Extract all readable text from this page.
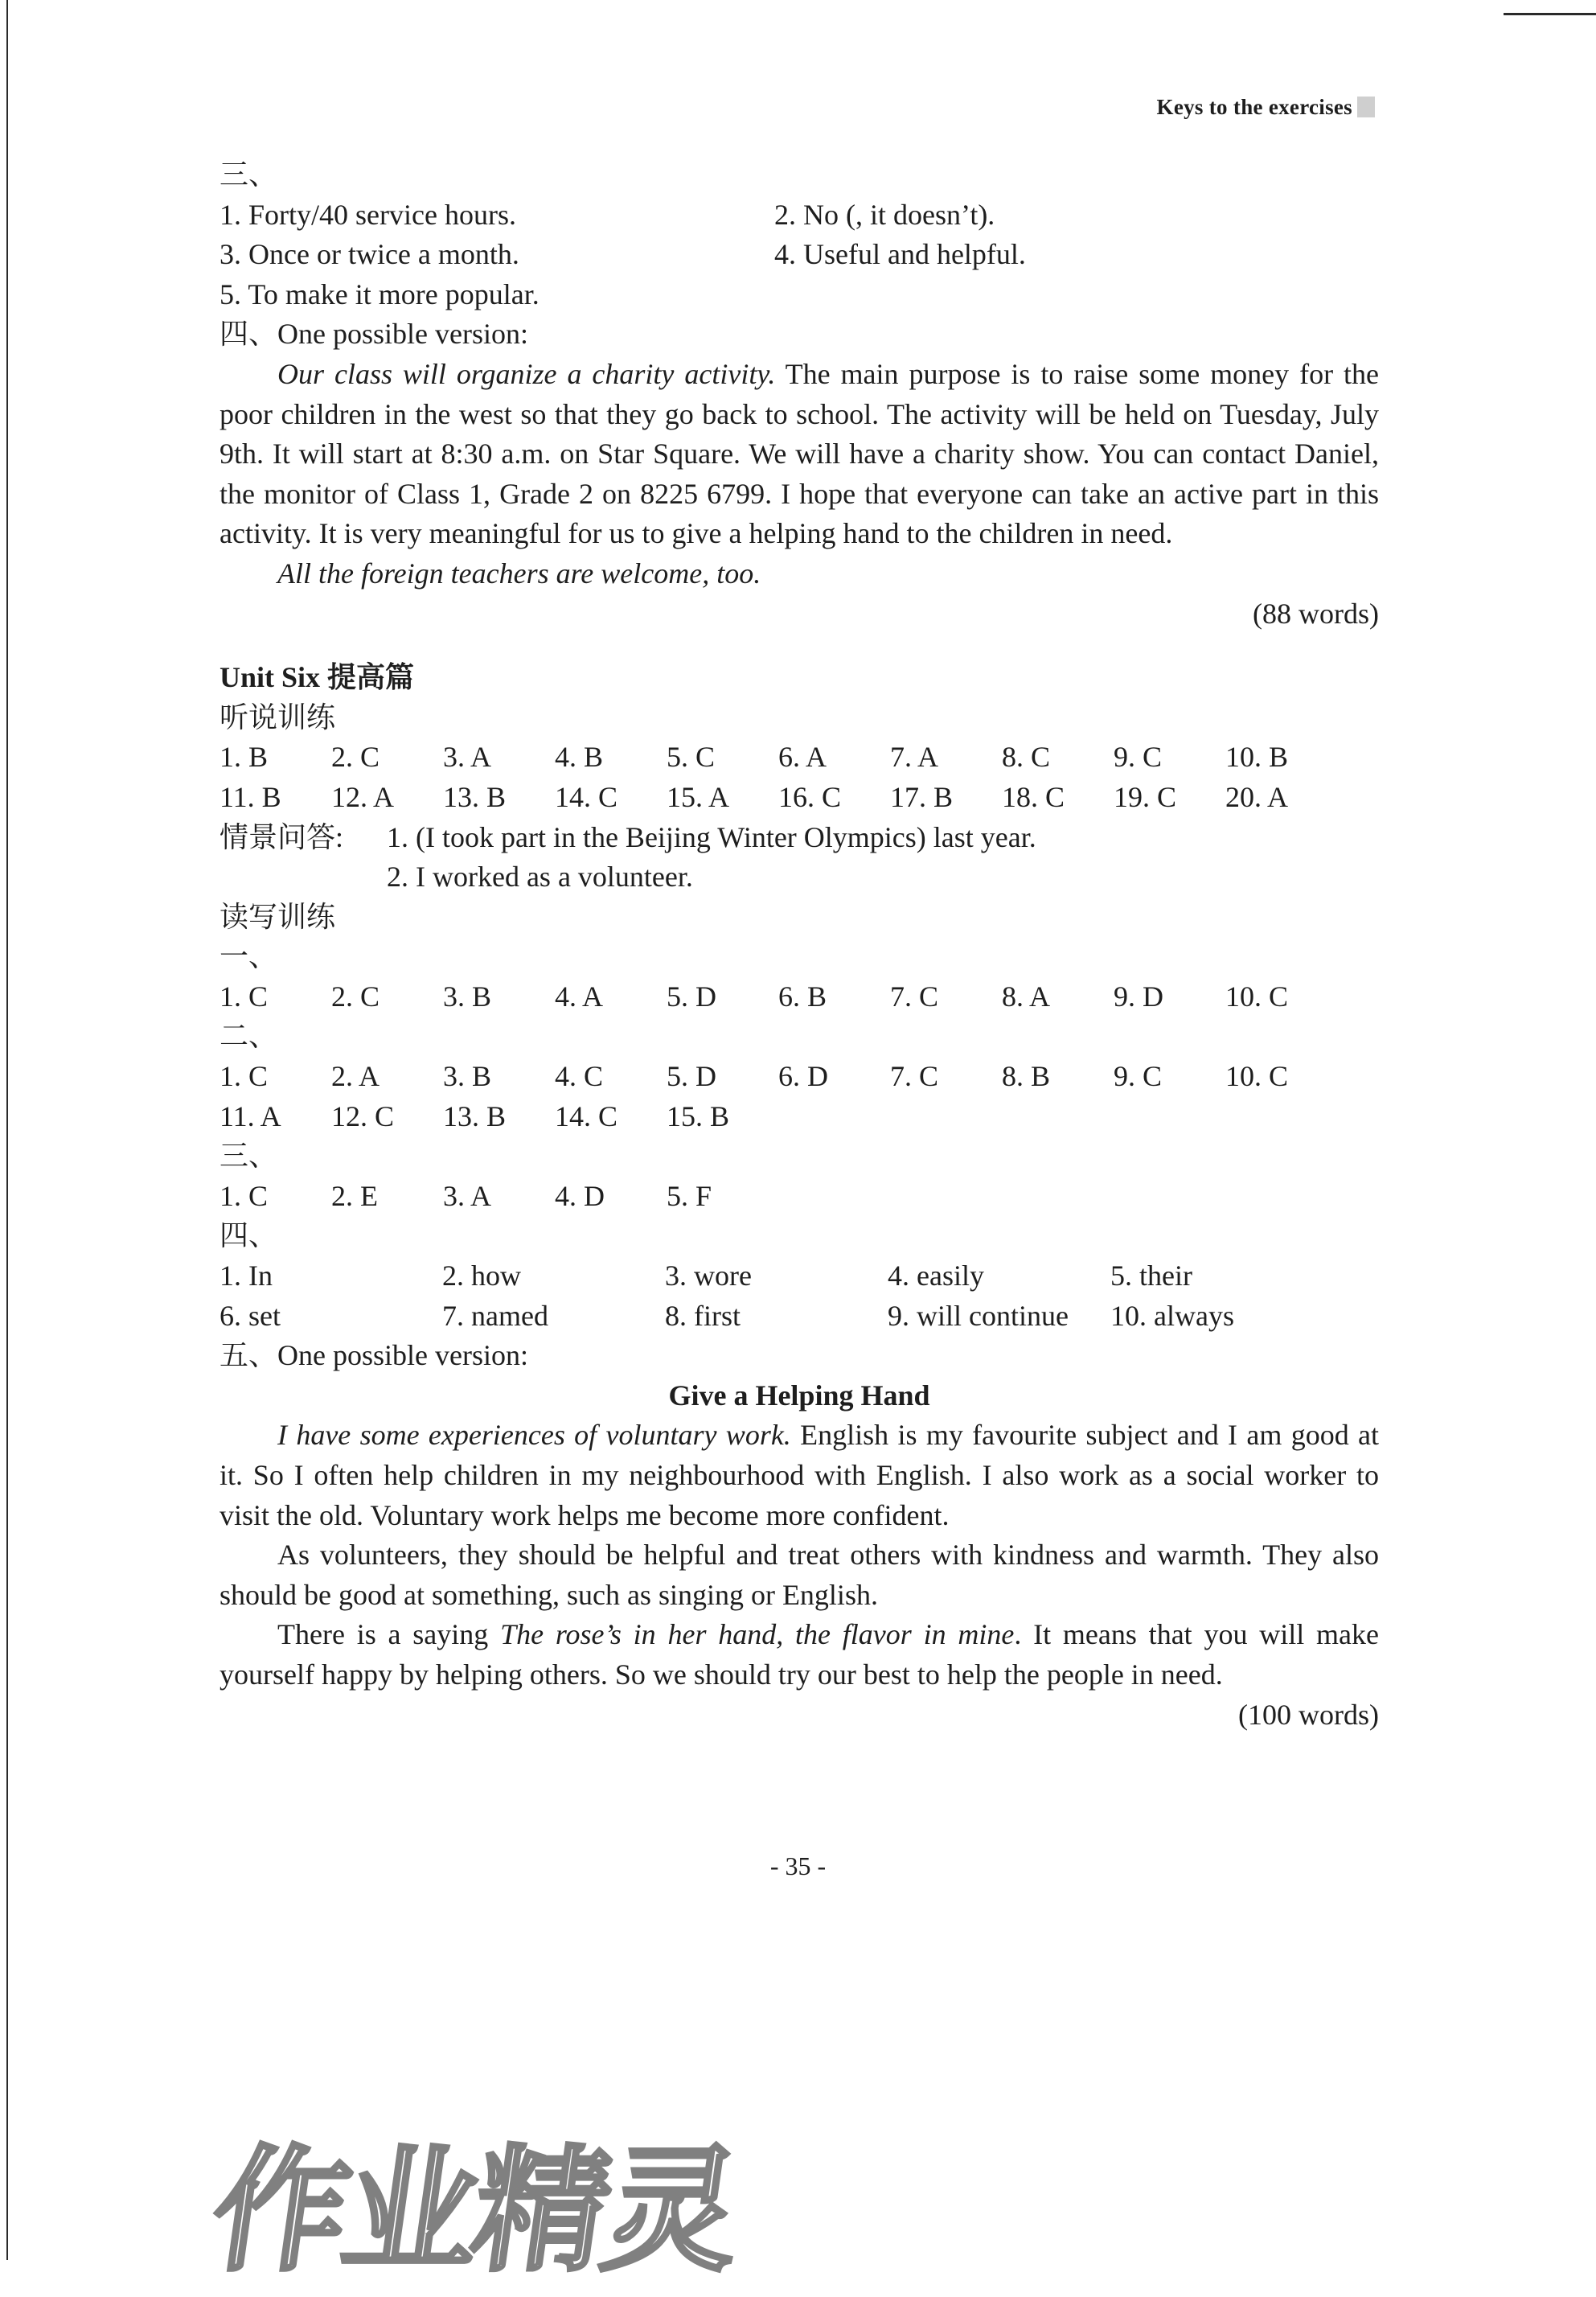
Keys to the exercises
三、
1. Forty/40 service hours.	2. No (, it doesn’t).
3. Once or twice a month.	4. Useful and helpful.
5. To make it more popular.
四、One possible version:
Our class will organize a charity activity. The main purpose is to raise some money for the poor children in the west so that they go back to school. The activity will be held on Tuesday, July 9th. It will start at 8:30 a.m. on Star Square. We will have a charity show. You can contact Daniel, the monitor of Class 1, Grade 2 on 8225 6799. I hope that everyone can take an active part in this activity. It is very meaningful for us to give a helping hand to the children in need.
All the foreign teachers are welcome, too.
(88 words)
Unit Six 提高篇
听说训练
1. B	2. C	3. A	4. B	5. C	6. A	7. A	8. C	9. C	10. B
11. B	12. A	13. B	14. C	15. A	16. C	17. B	18. C	19. C	20. A
情景问答:	1. (I took part in the Beijing Winter Olympics) last year.
2. I worked as a volunteer.
读写训练
一、
1. C	2. C	3. B	4. A	5. D	6. B	7. C	8. A	9. D	10. C
二、
1. C	2. A	3. B	4. C	5. D	6. D	7. C	8. B	9. C	10. C
11. A	12. C	13. B	14. C	15. B
三、
1. C	2. E	3. A	4. D	5. F
四、
1. In	2. how	3. wore	4. easily	5. their
6. set	7. named	8. first	9. will continue	10. always
五、One possible version:
Give a Helping Hand
I have some experiences of voluntary work. English is my favourite subject and I am good at it. So I often help children in my neighbourhood with English. I also work as a social worker to visit the old. Voluntary work helps me become more confident.
As volunteers, they should be helpful and treat others with kindness and warmth. They also should be good at something, such as singing or English.
There is a saying The rose’s in her hand, the flavor in mine. It means that you will make yourself happy by helping others. So we should try our best to help the people in need.
(100 words)
- 35 -
作业精灵
